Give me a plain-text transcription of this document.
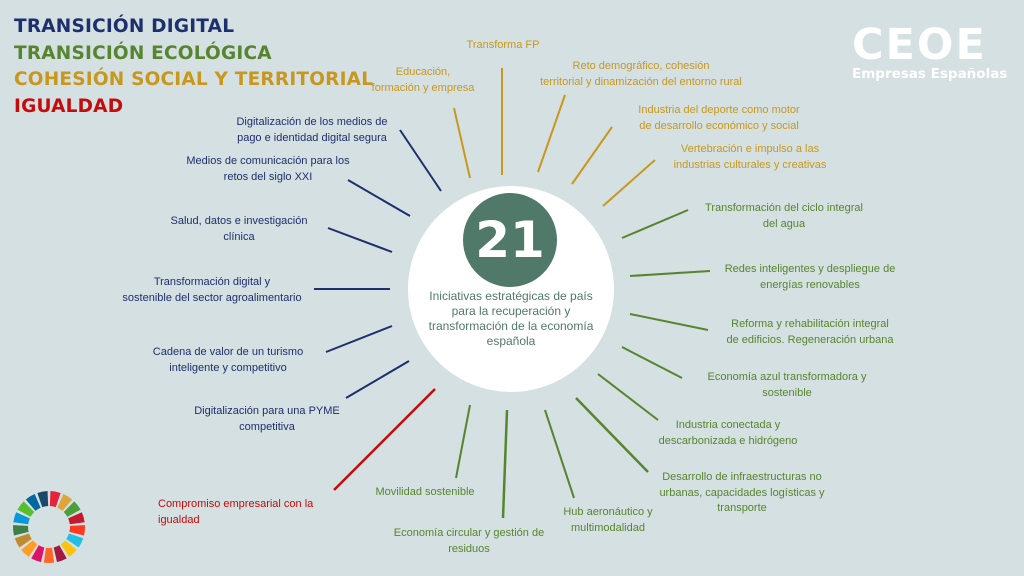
TRANSICIÓN DIGITAL
TRANSICIÓN ECOLÓGICA
COHESIÓN SOCIAL Y TERRITORIAL
IGUALDAD
CEOE
Empresas Españolas
21
Iniciativas estratégicas de país para la recuperación y transformación de la economía española
Transforma FP
Educación,
formación y empresa
Reto demográfico, cohesión
territorial y dinamización del entorno rural
Industria del deporte como motor
de desarrollo económico y social
Vertebración e impulso a las
industrias culturales y creativas
Transformación del ciclo integral
del agua
Redes inteligentes y despliegue de
energías renovables
Reforma y rehabilitación integral
de edificios. Regeneración urbana
Economía azul transformadora y
sostenible
Industria conectada y
descarbonizada e hidrógeno
Desarrollo de infraestructuras no
urbanas, capacidades logísticas y
transporte
Hub aeronáutico y
multimodalidad
Economía circular y gestión de
residuos
Movilidad sostenible
Compromiso empresarial con la
igualdad
Digitalización para una PYME
competitiva
Cadena de valor de un turismo
inteligente y competitivo
Transformación digital y
sostenible del sector agroalimentario
Salud, datos e investigación
clínica
Medios de comunicación para los
retos del siglo XXI
Digitalización de los medios de
pago e identidad digital segura
